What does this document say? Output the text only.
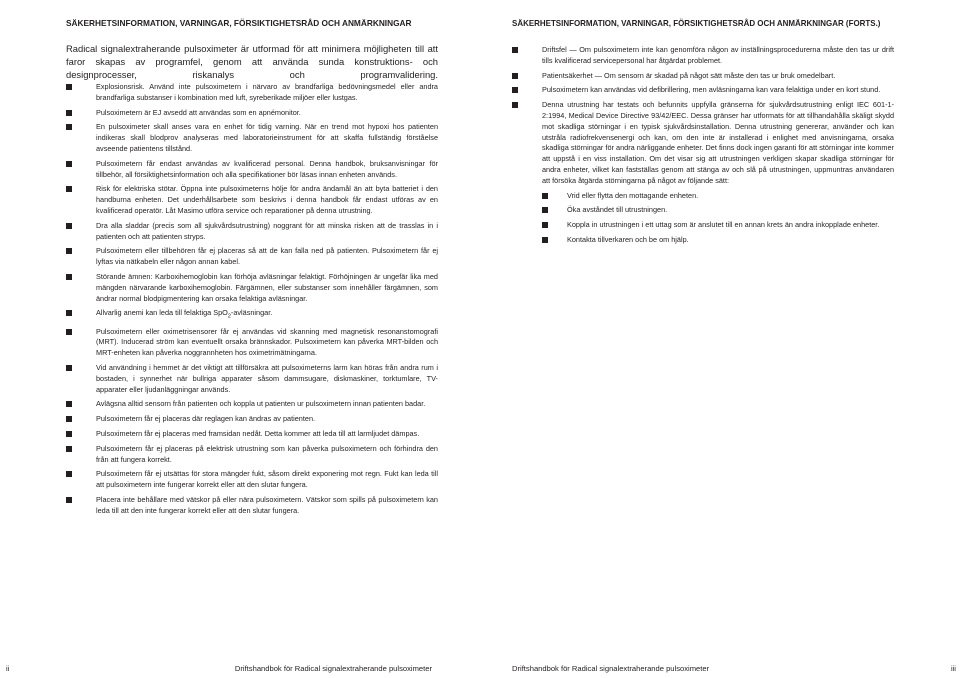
SÄKERHETSINFORMATION, VARNINGAR, FÖRSIKTIGHETSRÅD OCH ANMÄRKNINGAR

Radical signalextraherande pulsoximeter är utformad för att minimera möjligheten till att faror skapas av programfel, genom att använda sunda konstruktions- och designprocesser, riskanalys och programvalidering.

Explosionsrisk. Använd inte pulsoximetern i närvaro av brandfarliga bedövningsmedel eller andra brandfarliga substanser i kombination med luft, syreberikade miljöer eller lustgas.
Pulsoximetern är EJ avsedd att användas som en apnémonitor.
En pulsoximeter skall anses vara en enhet för tidig varning. När en trend mot hypoxi hos patienten indikeras skall blodprov analyseras med laboratorieinstrument för att skaffa fullständig förståelse avseende patientens tillstånd.
Pulsoximetern får endast användas av kvalificerad personal. Denna handbok, bruksanvisningar för tillbehör, all försiktighetsinformation och alla specifikationer bör läsas innan enheten används.
Risk för elektriska stötar. Öppna inte pulsoximeterns hölje för andra ändamål än att byta batteriet i den handburna enheten. Det underhållsarbete som beskrivs i denna handbok får endast utföras av en kvalificerad operatör. Låt Masimo utföra service och reparationer på denna utrustning.
Dra alla sladdar (precis som all sjukvårdsutrustning) noggrant för att minska risken att de trasslas in i patienten och att patienten stryps.
Pulsoximetern eller tillbehören får ej placeras så att de kan falla ned på patienten. Pulsoximetern får ej lyftas via nätkabeln eller någon annan kabel.
Störande ämnen: Karboxihemoglobin kan förhöja avläsningar felaktigt. Förhöjningen är ungefär lika med mängden närvarande karboxihemoglobin. Färgämnen, eller substanser som innehåller färgämnen, som ändrar normal blodpigmentering kan orsaka felaktiga avläsningar.
Allvarlig anemi kan leda till felaktiga SpO$_2$-avläsningar.
Pulsoximetern eller oximetrisensorer får ej användas vid skanning med magnetisk resonanstomografi (MRT). Inducerad ström kan eventuellt orsaka brännskador. Pulsoximetern kan påverka MRT-bilden och MRT-enheten kan påverka noggrannheten hos oximetrimätningarna.
Vid användning i hemmet är det viktigt att tillförsäkra att pulsoximeterns larm kan höras från andra rum i bostaden, i synnerhet när bullriga apparater såsom dammsugare, diskmaskiner, torktumlare, TV-apparater eller ljudanläggningar används.
Avlägsna alltid sensorn från patienten och koppla ut patienten ur pulsoximetern innan patienten badar.
Pulsoximetern får ej placeras där reglagen kan ändras av patienten.
Pulsoximetern får ej placeras med framsidan nedåt. Detta kommer att leda till att larmljudet dämpas.
Pulsoximetern får ej placeras på elektrisk utrustning som kan påverka pulsoximetern och förhindra den från att fungera korrekt.
Pulsoximetern får ej utsättas för stora mängder fukt, såsom direkt exponering mot regn. Fukt kan leda till att pulsoximetern inte fungerar korrekt eller att den slutar fungera.
Placera inte behållare med vätskor på eller nära pulsoximetern. Vätskor som spills på pulsoximetern kan leda till att den inte fungerar korrekt eller att den slutar fungera.
ii	Driftshandbok för Radical signalextraherande pulsoximeter
SÄKERHETSINFORMATION, VARNINGAR, FÖRSIKTIGHETSRÅD OCH ANMÄRKNINGAR (FORTS.)
Driftsfel — Om pulsoximetern inte kan genomföra någon av inställningsprocedurerna måste den tas ur drift tills kvalificerad servicepersonal har åtgärdat problemet.
Patientsäkerhet — Om sensorn är skadad på något sätt måste den tas ur bruk omedelbart.
Pulsoximetern kan användas vid defibrillering, men avläsningarna kan vara felaktiga under en kort stund.
Denna utrustning har testats och befunnits uppfylla gränserna för sjukvårdsutrustning enligt IEC 601-1-2:1994, Medical Device Directive 93/42/EEC. Dessa gränser har utformats för att tillhandahålla skäligt skydd mot skadliga störningar i en typisk sjukvårdsinstallation. Denna utrustning genererar, använder och kan utstråla radiofrekvensenergi och kan, om den inte är installerad i enlighet med anvisningarna, orsaka skadliga störningar för andra närliggande enheter. Det finns dock ingen garanti för att störningar inte kommer att uppstå i en viss installation. Om det visar sig att utrustningen verkligen skapar skadliga störningar för andra enheter, vilket kan fastställas genom att stänga av och slå på utrustningen, uppmuntras användaren att försöka åtgärda störningarna på något av följande sätt:
Vrid eller flytta den mottagande enheten.
Öka avståndet till utrustningen.
Koppla in utrustningen i ett uttag som är anslutet till en annan krets än andra inkopplade enheter.
Kontakta tillverkaren och be om hjälp.
Driftshandbok för Radical signalextraherande pulsoximeter	iii
